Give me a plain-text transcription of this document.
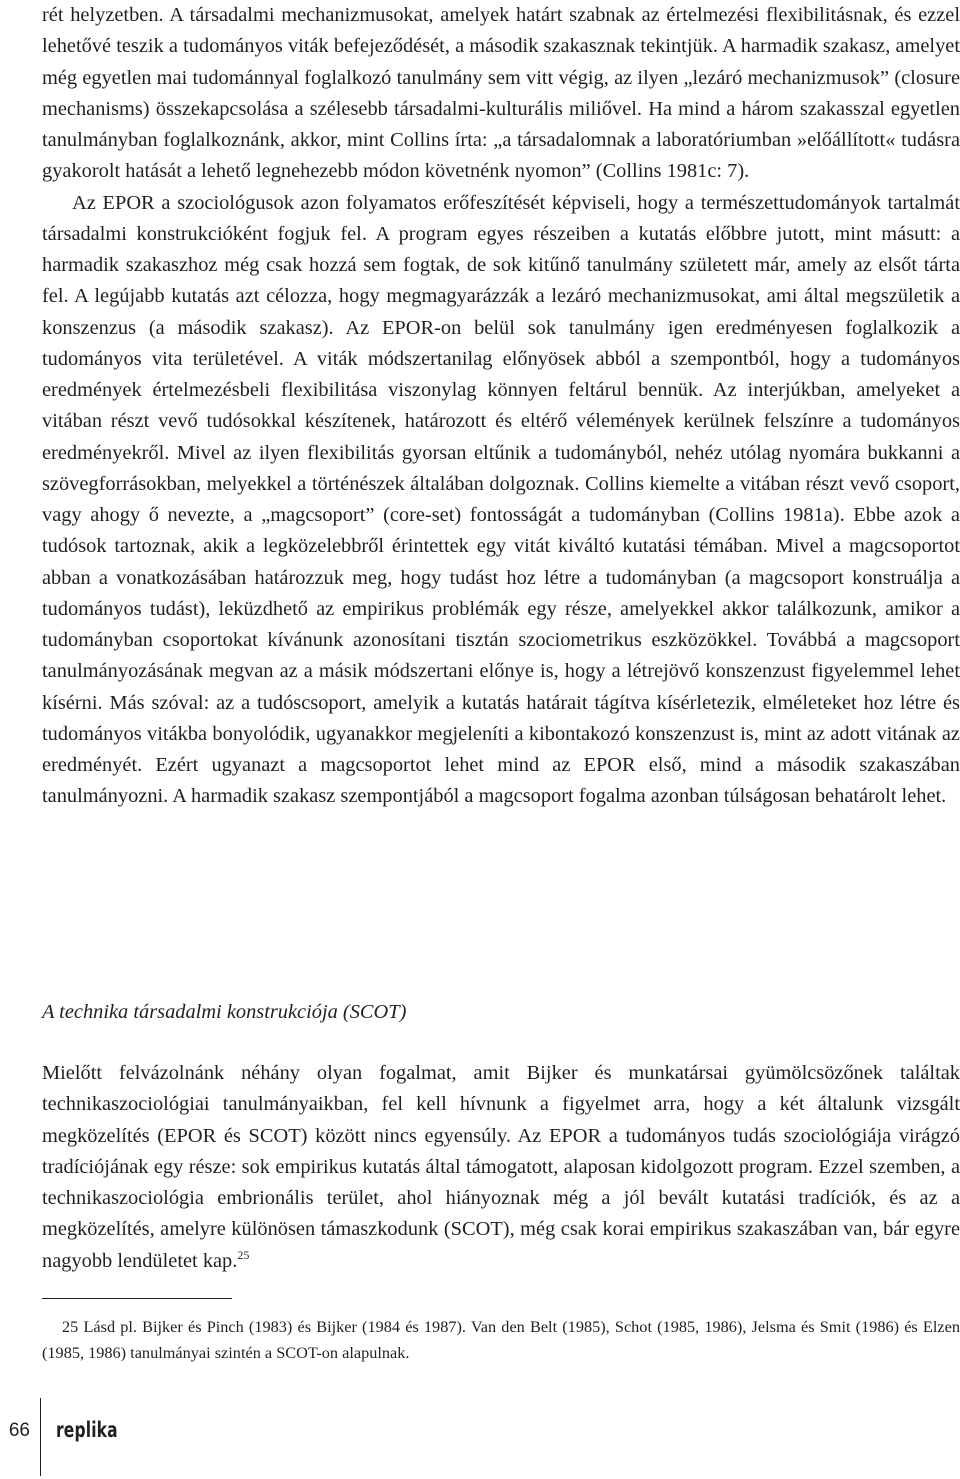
rét helyzetben. A társadalmi mechanizmusokat, amelyek határt szabnak az értelmezési flexibilitásnak, és ezzel lehetővé teszik a tudományos viták befejeződését, a második szakasznak tekintjük. A harmadik szakasz, amelyet még egyetlen mai tudománnyal foglalkozó tanulmány sem vitt végig, az ilyen „lezáró mechanizmusok” (closure mechanisms) összekapcsolása a szélesebb társadalmi-kulturális miliővel. Ha mind a három szakasszal egyetlen tanulmányban foglalkoznánk, akkor, mint Collins írta: „a társadalomnak a laboratóriumban »előállított« tudásra gyakorolt hatását a lehető legnehezebb módon követnénk nyomon” (Collins 1981c: 7).

Az EPOR a szociológusok azon folyamatos erőfeszítését képviseli, hogy a természettudományok tartalmát társadalmi konstrukcióként fogjuk fel. A program egyes részeiben a kutatás előbbre jutott, mint másutt: a harmadik szakaszhoz még csak hozzá sem fogtak, de sok kitűnő tanulmány született már, amely az elsőt tárta fel. A legújabb kutatás azt célozza, hogy megmagyarázzák a lezáró mechanizmusokat, ami által megszületik a konszenzus (a második szakasz). Az EPOR-on belül sok tanulmány igen eredményesen foglalkozik a tudományos vita területével. A viták módszertanilag előnyösek abból a szempontból, hogy a tudományos eredmények értelmezésbeli flexibilitása viszonylag könnyen feltárul bennük. Az interjúkban, amelyeket a vitában részt vevő tudósokkal készítenek, határozott és eltérő vélemények kerülnek felszínre a tudományos eredményekről. Mivel az ilyen flexibilitás gyorsan eltűnik a tudományból, nehéz utólag nyomára bukkanni a szövegforrásokban, melyekkel a történészek általában dolgoznak. Collins kiemelte a vitában részt vevő csoport, vagy ahogy ő nevezte, a „magcsoport” (core-set) fontosságát a tudományban (Collins 1981a). Ebbe azok a tudósok tartoznak, akik a legközelebbről érintettek egy vitát kiváltó kutatási témában. Mivel a magcsoportot abban a vonatkozásában határozzuk meg, hogy tudást hoz létre a tudományban (a magcsoport konstruálja a tudományos tudást), leküzdhető az empirikus problémák egy része, amelyekkel akkor találkozunk, amikor a tudományban csoportokat kívánunk azonosítani tisztán szociometrikus eszközökkel. Továbbá a magcsoport tanulmányozásának megvan az a másik módszertani előnye is, hogy a létrejövő konszenzust figyelemmel lehet kísérni. Más szóval: az a tudóscsoport, amelyik a kutatás határait tágítva kísérletezik, elméleteket hoz létre és tudományos vitákba bonyolódik, ugyanakkor megjeleníti a kibontakozó konszenzust is, mint az adott vitának az eredményét. Ezért ugyanazt a magcsoportot lehet mind az EPOR első, mind a második szakaszában tanulmányozni. A harmadik szakasz szempontjából a magcsoport fogalma azonban túlságosan behatárolt lehet.

A technika társadalmi konstrukciója (SCOT)

Mielőtt felvázolnánk néhány olyan fogalmat, amit Bijker és munkatársai gyümölcsözőnek találtak technikaszociológiai tanulmányaikban, fel kell hívnunk a figyelmet arra, hogy a két általunk vizsgált megközelítés (EPOR és SCOT) között nincs egyensúly. Az EPOR a tudományos tudás szociológiája virágzó tradíciójának egy része: sok empirikus kutatás által támogatott, alaposan kidolgozott program. Ezzel szemben, a technikaszociológia embrionális terület, ahol hiányoznak még a jól bevált kutatási tradíciók, és az a megközelítés, amelyre különösen támaszkodunk (SCOT), még csak korai empirikus szakaszában van, bár egyre nagyobb lendületet kap.$^{25}$

25 Lásd pl. Bijker és Pinch (1983) és Bijker (1984 és 1987). Van den Belt (1985), Schot (1985, 1986), Jelsma és Smit (1986) és Elzen (1985, 1986) tanulmányai szintén a SCOT-on alapulnak.

66 replika
